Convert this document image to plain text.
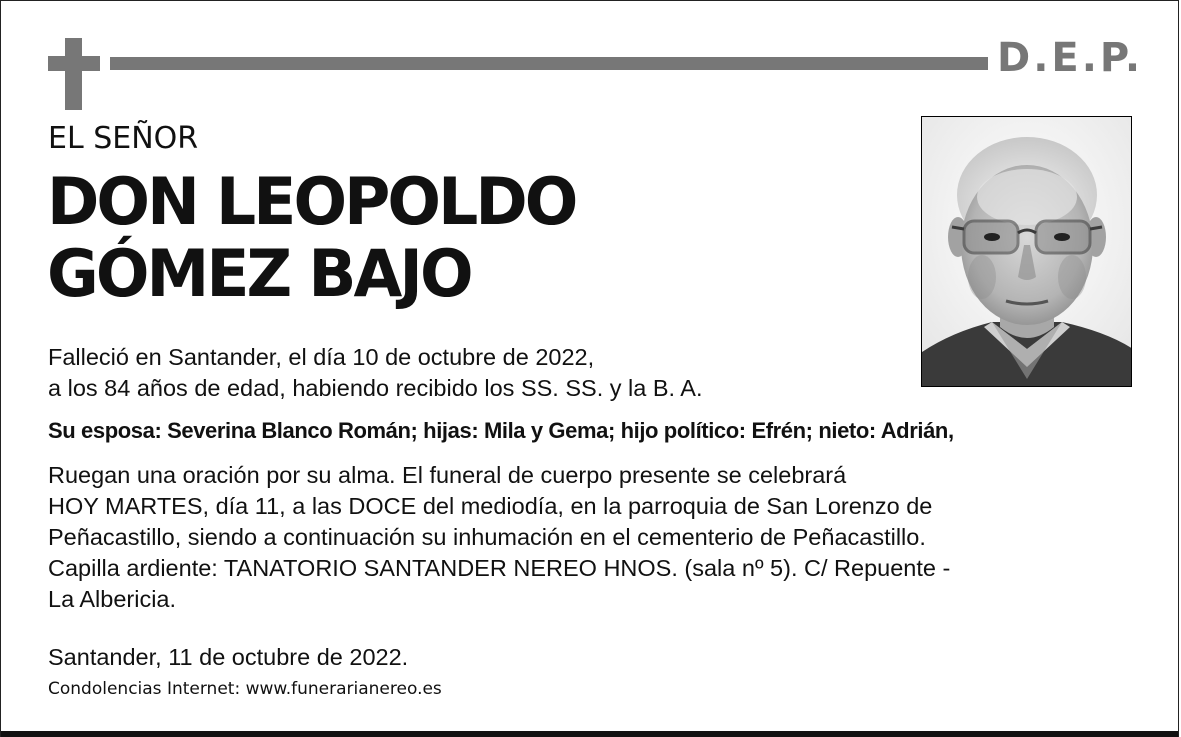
D.E.P.
EL SEÑOR
DON LEOPOLDO
GÓMEZ BAJO
Falleció en Santander, el día 10 de octubre de 2022,
a los 84 años de edad, habiendo recibido los SS. SS. y la B. A.
Su esposa: Severina Blanco Román; hijas: Mila y Gema; hijo político: Efrén; nieto: Adrián,
Ruegan una oración por su alma. El funeral de cuerpo presente se celebrará
HOY MARTES, día 11, a las DOCE del mediodía, en la parroquia de San Lorenzo de
Peñacastillo, siendo a continuación su inhumación en el cementerio de Peñacastillo.
Capilla ardiente: TANATORIO SANTANDER NEREO HNOS. (sala nº 5). C/ Repuente -
La Albericia.
Santander, 11 de octubre de 2022.
Condolencias Internet: www.funerarianereo.es
